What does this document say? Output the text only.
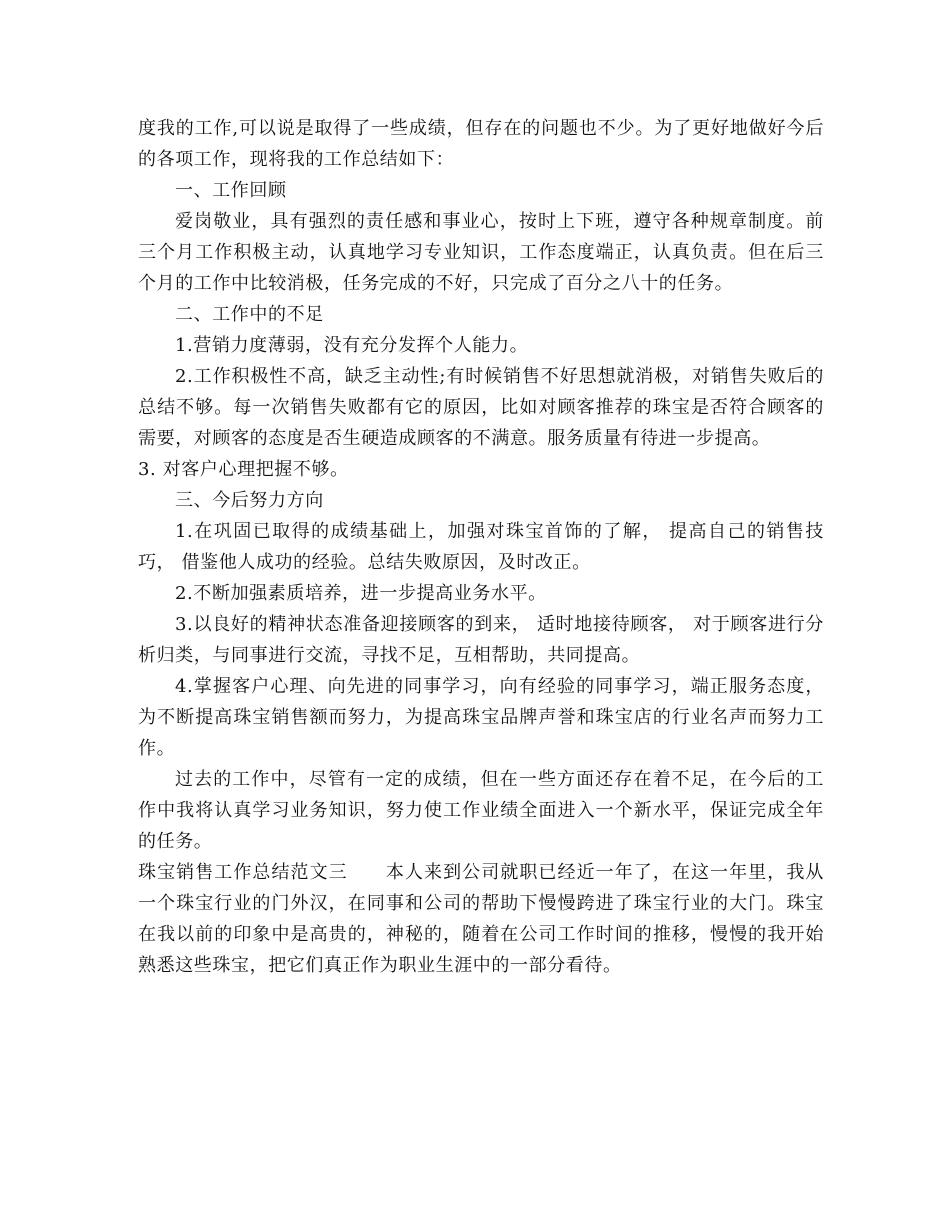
度我的工作,可以说是取得了一些成绩，但存在的问题也不少。为了更好地做好今后的各项工作，现将我的工作总结如下：

一、工作回顾

爱岗敬业，具有强烈的责任感和事业心，按时上下班，遵守各种规章制度。前三个月工作积极主动，认真地学习专业知识，工作态度端正，认真负责。但在后三个月的工作中比较消极，任务完成的不好，只完成了百分之八十的任务。

二、工作中的不足

1.营销力度薄弱，没有充分发挥个人能力。

2.工作积极性不高，缺乏主动性;有时候销售不好思想就消极，对销售失败后的总结不够。每一次销售失败都有它的原因，比如对顾客推荐的珠宝是否符合顾客的需要，对顾客的态度是否生硬造成顾客的不满意。服务质量有待进一步提高。

3. 对客户心理把握不够。

三、今后努力方向

1.在巩固已取得的成绩基础上，加强对珠宝首饰的了解， 提高自己的销售技巧， 借鉴他人成功的经验。总结失败原因，及时改正。

2.不断加强素质培养，进一步提高业务水平。

3.以良好的精神状态准备迎接顾客的到来， 适时地接待顾客， 对于顾客进行分析归类，与同事进行交流，寻找不足，互相帮助，共同提高。

4.掌握客户心理、向先进的同事学习，向有经验的同事学习，端正服务态度，为不断提高珠宝销售额而努力，为提高珠宝品牌声誉和珠宝店的行业名声而努力工作。

过去的工作中，尽管有一定的成绩，但在一些方面还存在着不足，在今后的工作中我将认真学习业务知识，努力使工作业绩全面进入一个新水平，保证完成全年的任务。

珠宝销售工作总结范文三　　本人来到公司就职已经近一年了，在这一年里，我从一个珠宝行业的门外汉，在同事和公司的帮助下慢慢跨进了珠宝行业的大门。珠宝在我以前的印象中是高贵的，神秘的，随着在公司工作时间的推移，慢慢的我开始熟悉这些珠宝，把它们真正作为职业生涯中的一部分看待。
